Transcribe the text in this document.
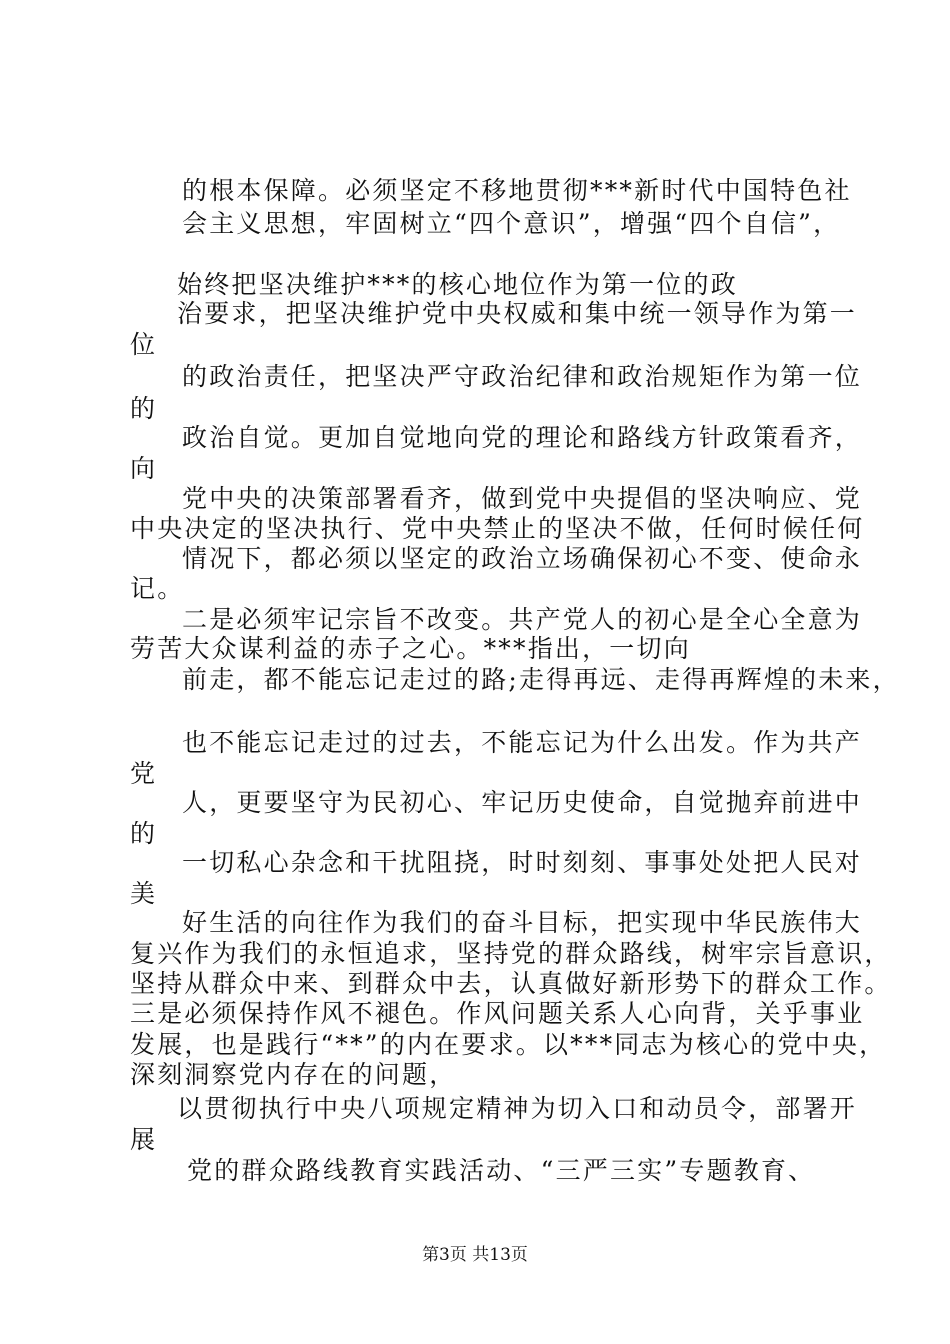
的根本保障。必须坚定不移地贯彻***新时代中国特色社
会主义思想，牢固树立“四个意识”，增强“四个自信”，
始终把坚决维护***的核心地位作为第一位的政
治要求，把坚决维护党中央权威和集中统一领导作为第一
位
的政治责任，把坚决严守政治纪律和政治规矩作为第一位
的
政治自觉。更加自觉地向党的理论和路线方针政策看齐，
向
党中央的决策部署看齐，做到党中央提倡的坚决响应、党
中央决定的坚决执行、党中央禁止的坚决不做，任何时候任何
情况下，都必须以坚定的政治立场确保初心不变、使命永
记。
二是必须牢记宗旨不改变。共产党人的初心是全心全意为
劳苦大众谋利益的赤子之心。***指出，一切向
前走，都不能忘记走过的路;走得再远、走得再辉煌的未来，
也不能忘记走过的过去，不能忘记为什么出发。作为共产
党
人，更要坚守为民初心、牢记历史使命，自觉抛弃前进中
的
一切私心杂念和干扰阻挠，时时刻刻、事事处处把人民对
美
好生活的向往作为我们的奋斗目标，把实现中华民族伟大
复兴作为我们的永恒追求，坚持党的群众路线，树牢宗旨意识，
坚持从群众中来、到群众中去，认真做好新形势下的群众工作。
三是必须保持作风不褪色。作风问题关系人心向背，关乎事业
发展，也是践行“**”的内在要求。以***同志为核心的党中央，
深刻洞察党内存在的问题，
以贯彻执行中央八项规定精神为切入口和动员令，部署开
展
党的群众路线教育实践活动、“三严三实”专题教育、
第3页 共13页
